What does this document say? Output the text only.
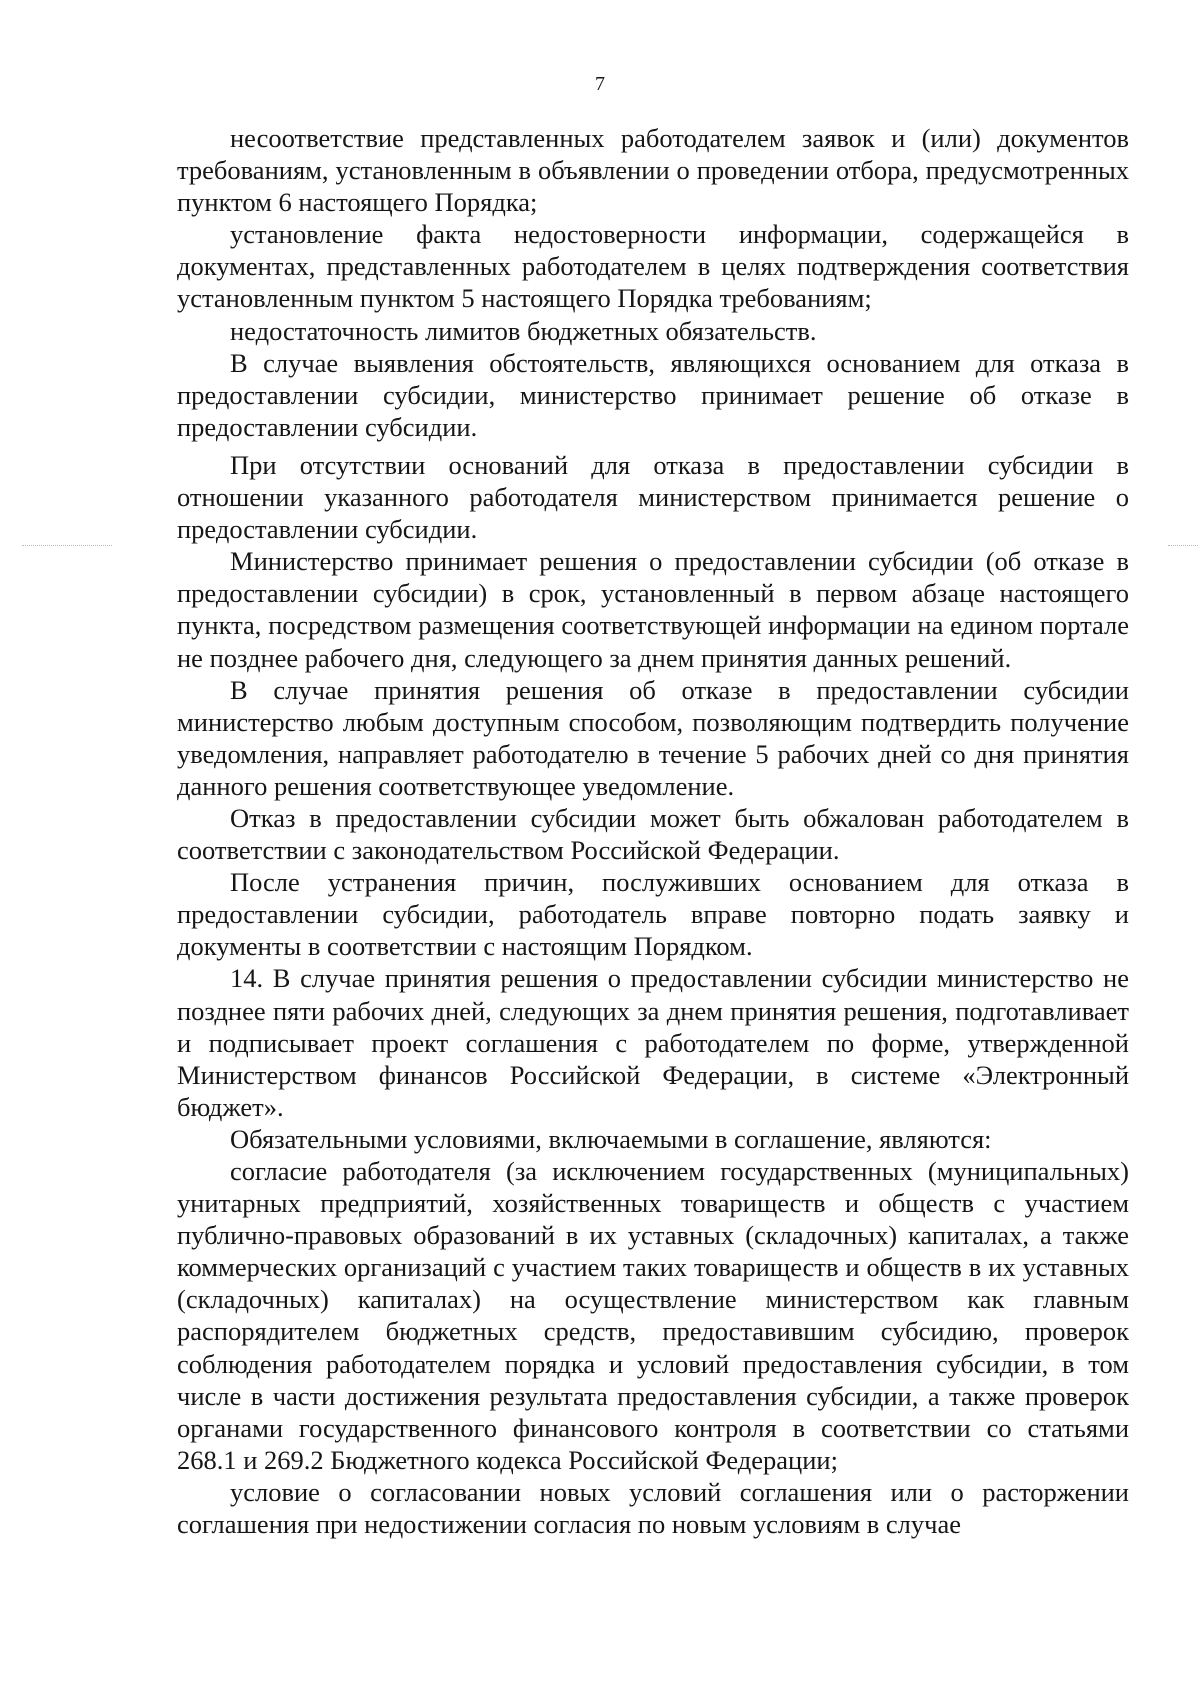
7

несоответствие представленных работодателем заявок и (или) документов требованиям, установленным в объявлении о проведении отбора, предусмотренных пунктом 6 настоящего Порядка;

установление факта недостоверности информации, содержащейся в документах, представленных работодателем в целях подтверждения соответствия установленным пунктом 5 настоящего Порядка требованиям;

недостаточность лимитов бюджетных обязательств.

В случае выявления обстоятельств, являющихся основанием для отказа в предоставлении субсидии, министерство принимает решение об отказе в предоставлении субсидии.

При отсутствии оснований для отказа в предоставлении субсидии в отношении указанного работодателя министерством принимается решение о предоставлении субсидии.

Министерство принимает решения о предоставлении субсидии (об отказе в предоставлении субсидии) в срок, установленный в первом абзаце настоящего пункта, посредством размещения соответствующей информации на едином портале не позднее рабочего дня, следующего за днем принятия данных решений.

В случае принятия решения об отказе в предоставлении субсидии министерство любым доступным способом, позволяющим подтвердить получение уведомления, направляет работодателю в течение 5 рабочих дней со дня принятия данного решения соответствующее уведомление.

Отказ в предоставлении субсидии может быть обжалован работодателем в соответствии с законодательством Российской Федерации.

После устранения причин, послуживших основанием для отказа в предоставлении субсидии, работодатель вправе повторно подать заявку и документы в соответствии с настоящим Порядком.

14. В случае принятия решения о предоставлении субсидии министерство не позднее пяти рабочих дней, следующих за днем принятия решения, подготавливает и подписывает проект соглашения с работодателем по форме, утвержденной Министерством финансов Российской Федерации, в системе «Электронный бюджет».

Обязательными условиями, включаемыми в соглашение, являются:

согласие работодателя (за исключением государственных (муниципальных) унитарных предприятий, хозяйственных товариществ и обществ с участием публично-правовых образований в их уставных (складочных) капиталах, а также коммерческих организаций с участием таких товариществ и обществ в их уставных (складочных) капиталах) на осуществление министерством как главным распорядителем бюджетных средств, предоставившим субсидию, проверок соблюдения работодателем порядка и условий предоставления субсидии, в том числе в части достижения результата предоставления субсидии, а также проверок органами государственного финансового контроля в соответствии со статьями 268.1 и 269.2 Бюджетного кодекса Российской Федерации;

условие о согласовании новых условий соглашения или о расторжении соглашения при недостижении согласия по новым условиям в случае
